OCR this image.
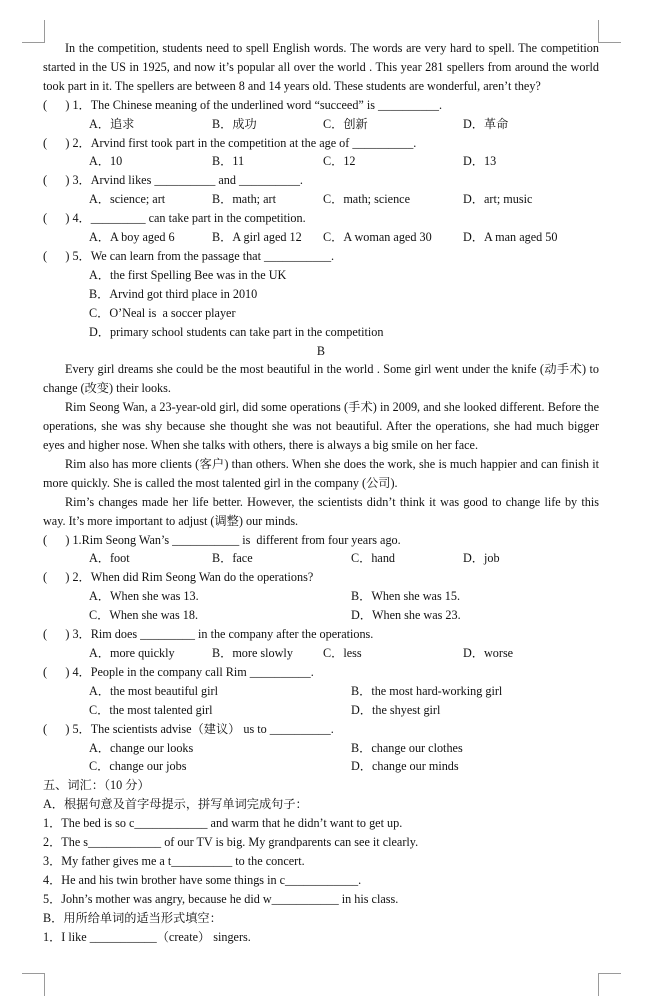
In the competition, students need to spell English words. The words are very hard to spell. The competition started in the US in 1925, and now it’s popular all over the world . This year 281 spellers from around the world took part in it. The spellers are between 8 and 14 years old. These students are wonderful, aren’t they?

(      ) 1．The Chinese meaning of the underlined word “succeed” is __________.

A．追求	B．成功	C．创新	D．革命

(      ) 2．Arvind first took part in the competition at the age of __________.

A．10	B．11	C．12	D．13

(      ) 3．Arvind likes __________ and __________.

A．science; art	B．math; art	C．math; science	D．art; music

(      ) 4．_________ can take part in the competition.

A．A boy aged 6	B．A girl aged 12	C．A woman aged 30	D．A man aged 50

(      ) 5．We can learn from the passage that ___________.

A．the first Spelling Bee was in the UK

B．Arvind got third place in 2010

C．O’Neal is  a soccer player

D．primary school students can take part in the competition

B

Every girl dreams she could be the most beautiful in the world . Some girl went under the knife (动手术) to change (改变) their looks.

Rim Seong Wan, a 23-year-old girl, did some operations (手术) in 2009, and she looked different. Before the operations, she was shy because she thought she was not beautiful. After the operations, she had much bigger eyes and higher nose. When she talks with others, there is always a big smile on her face.

Rim also has more clients (客户) than others. When she does the work, she is much happier and can finish it more quickly. She is called the most talented girl in the company (公司).

Rim’s changes made her life better. However, the scientists didn’t think it was good to change life by this way. It’s more important to adjust (调整) our minds.

(      ) 1.Rim Seong Wan’s ___________ is  different from four years ago.

A．foot	B．face	C．hand	D．job

(      ) 2．When did Rim Seong Wan do the operations?

A．When she was 13.	B．When she was 15.
C．When she was 18.	D．When she was 23.

(      ) 3．Rim does _________ in the company after the operations.

A．more quickly	B．more slowly	C．less	D．worse

(      ) 4．People in the company call Rim __________.

A．the most beautiful girl	B．the most hard-working girl
C．the most talented girl	D．the shyest girl

(      ) 5．The scientists advise（建议） us to __________.

A．change our looks	B．change our clothes
C．change our jobs	D．change our minds

五、词汇：（10 分）

A．根据句意及首字母提示，拼写单词完成句子：

1．The bed is so c____________ and warm that he didn’t want to get up.

2．The s____________ of our TV is big. My grandparents can see it clearly.

3．My father gives me a t__________ to the concert.

4．He and his twin brother have some things in c____________.

5．John’s mother was angry, because he did w___________ in his class.

B．用所给单词的适当形式填空：

1．I like ___________（create） singers.
